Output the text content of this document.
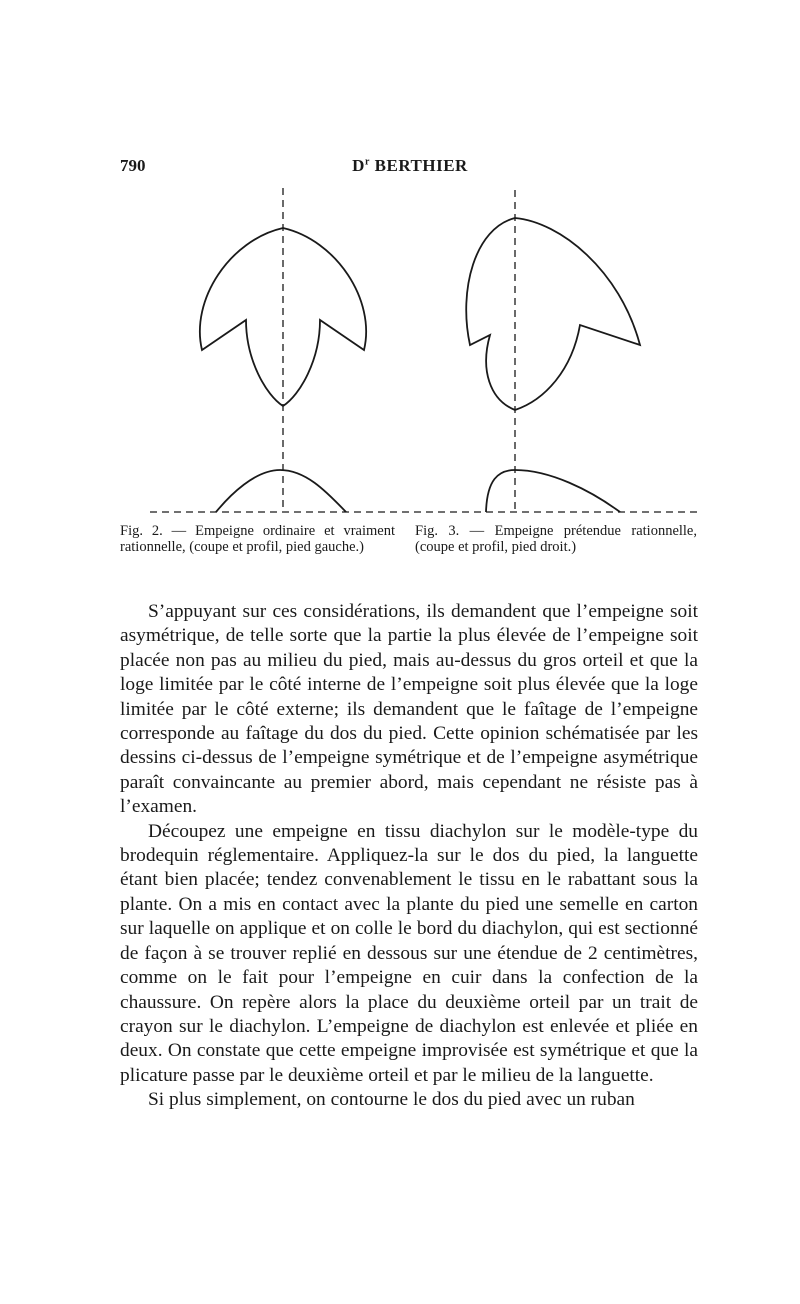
790	$D^r$ BERTHIER
Fig. 2. — Empeigne ordinaire et vraiment rationnelle, (coupe et profil, pied gauche.)
Fig. 3. — Empeigne prétendue rationnelle, (coupe et profil, pied droit.)

S’appuyant sur ces considérations, ils demandent que l’empeigne soit asymétrique, de telle sorte que la partie la plus élevée de l’empeigne soit placée non pas au milieu du pied, mais au-dessus du gros orteil et que la loge limitée par le côté interne de l’empeigne soit plus élevée que la loge limitée par le côté externe; ils demandent que le faîtage de l’empeigne corresponde au faîtage du dos du pied. Cette opinion schématisée par les dessins ci-dessus de l’empeigne symétrique et de l’empeigne asymétrique paraît convaincante au premier abord, mais cependant ne résiste pas à l’examen.

Découpez une empeigne en tissu diachylon sur le modèle-type du brodequin réglementaire. Appliquez-la sur le dos du pied, la languette étant bien placée; tendez convenablement le tissu en le rabattant sous la plante. On a mis en contact avec la plante du pied une semelle en carton sur laquelle on applique et on colle le bord du diachylon, qui est sectionné de façon à se trouver replié en dessous sur une étendue de 2 centimètres, comme on le fait pour l’empeigne en cuir dans la confection de la chaussure. On repère alors la place du deuxième orteil par un trait de crayon sur le diachylon. L’empeigne de diachylon est enlevée et pliée en deux. On constate que cette empeigne improvisée est symétrique et que la plicature passe par le deuxième orteil et par le milieu de la languette.

Si plus simplement, on contourne le dos du pied avec un ruban
